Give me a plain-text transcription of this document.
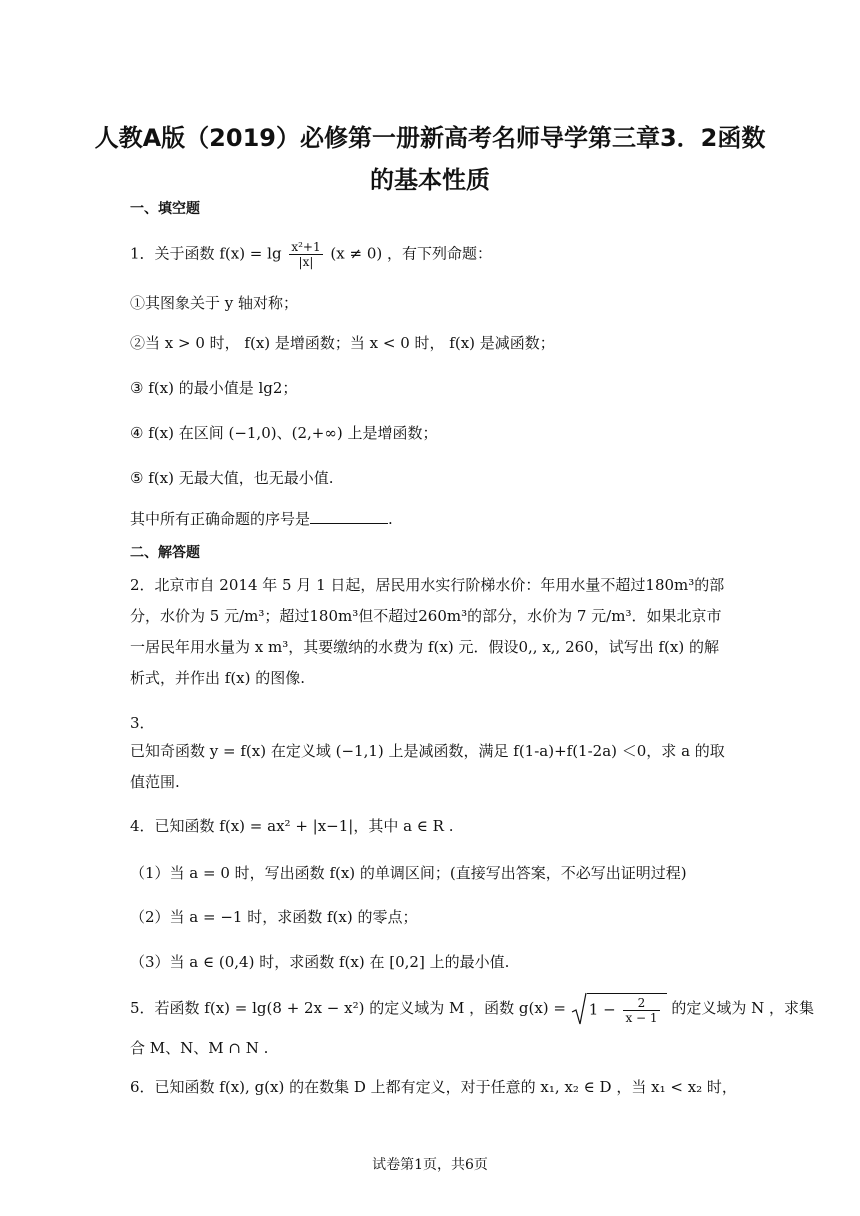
人教A版（2019）必修第一册新高考名师导学第三章3．2函数
的基本性质
一、填空题
1．关于函数 $f(x) = \lg \frac{\text{x²+1}}{|x|} (x \ne 0)$ ，有下列命题：
①其图象关于 y 轴对称；
②当 x > 0 时， f(x) 是增函数；当 x < 0 时， f(x) 是减函数；
③ f(x) 的最小值是 lg2；
④ f(x) 在区间 (−1,0)、(2,+∞) 上是增函数；
⑤ f(x) 无最大值，也无最小值.
其中所有正确命题的序号是	.
二、解答题
2．北京市自 2014 年 5 月 1 日起，居民用水实行阶梯水价：年用水量不超过180m³的部分，水价为 5 元/m³；超过180m³但不超过260m³的部分，水价为 7 元/m³．如果北京市一居民年用水量为 x m³，其要缴纳的水费为 f(x) 元．假设0,, x,, 260，试写出 f(x) 的解析式，并作出 f(x) 的图像.
3．
已知奇函数 y = f(x) 在定义域 (−1,1) 上是减函数，满足 f(1-a)+f(1-2a) ＜0，求 a 的取值范围.
4．已知函数 f(x) = ax² + |x−1|，其中 a ∈ R .
（1）当 a = 0 时，写出函数 f(x) 的单调区间；(直接写出答案，不必写出证明过程)
（2）当 a = −1 时，求函数 f(x) 的零点；
（3）当 a ∈ (0,4) 时，求函数 f(x) 在 [0,2] 上的最小值.
5．若函数 f(x) = lg(8 + 2x − x²) 的定义域为 M ，函数 $g(x) = 1 - \frac{2}{x - 1}$ 的定义域为 N ，求集
合 M、N、M ∩ N .
6．已知函数 f(x), g(x) 的在数集 D 上都有定义，对于任意的 x₁, x₂ ∈ D ，当 x₁ < x₂ 时，
试卷第1页，共6页
